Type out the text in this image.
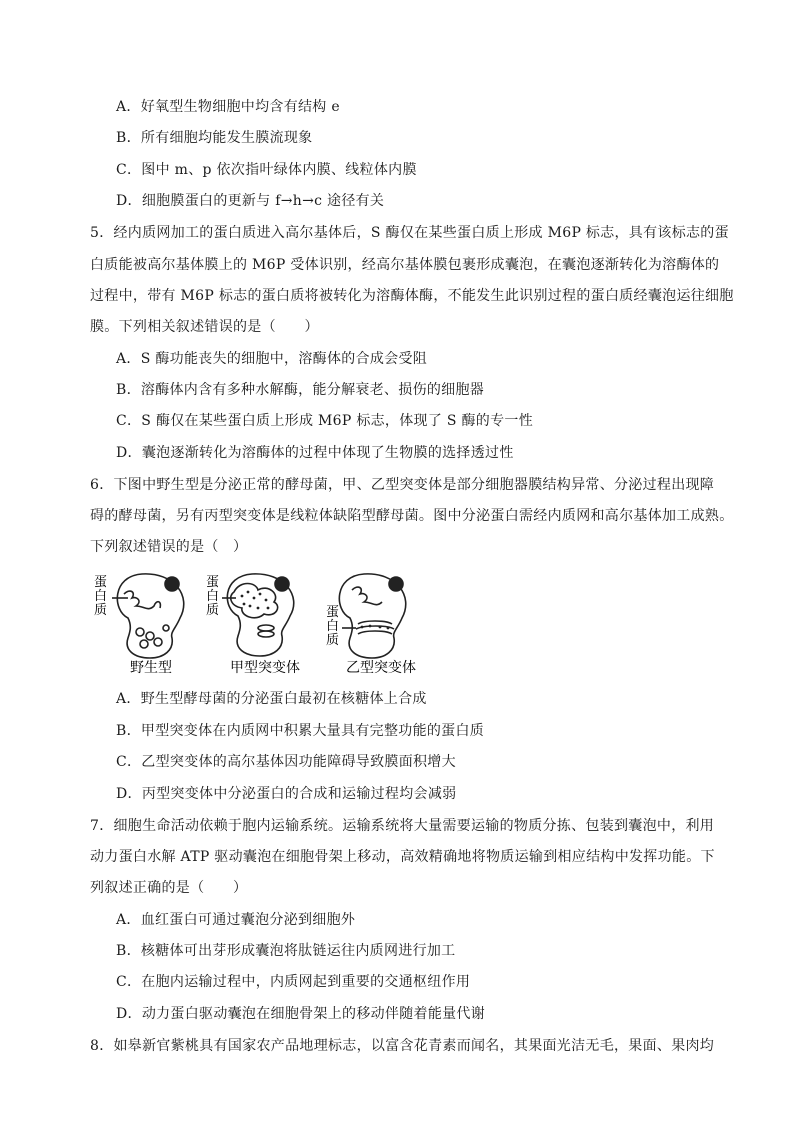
A．好氧型生物细胞中均含有结构 e
B．所有细胞均能发生膜流现象
C．图中 m、p 依次指叶绿体内膜、线粒体内膜
D．细胞膜蛋白的更新与 f→h→c 途径有关
5．经内质网加工的蛋白质进入高尔基体后，S 酶仅在某些蛋白质上形成 M6P 标志，具有该标志的蛋
白质能被高尔基体膜上的 M6P 受体识别，经高尔基体膜包裹形成囊泡，在囊泡逐渐转化为溶酶体的
过程中，带有 M6P 标志的蛋白质将被转化为溶酶体酶，不能发生此识别过程的蛋白质经囊泡运往细胞
膜。下列相关叙述错误的是（　　）
A．S 酶功能丧失的细胞中，溶酶体的合成会受阻
B．溶酶体内含有多种水解酶，能分解衰老、损伤的细胞器
C．S 酶仅在某些蛋白质上形成 M6P 标志，体现了 S 酶的专一性
D．囊泡逐渐转化为溶酶体的过程中体现了生物膜的选择透过性
6．下图中野生型是分泌正常的酵母菌，甲、乙型突变体是部分细胞器膜结构异常、分泌过程出现障
碍的酵母菌，另有丙型突变体是线粒体缺陷型酵母菌。图中分泌蛋白需经内质网和高尔基体加工成熟。
下列叙述错误的是（　）
蛋
白
质
蛋
白
质	蛋
白
质
野生型	甲型突变体	乙型突变体
A．野生型酵母菌的分泌蛋白最初在核糖体上合成
B．甲型突变体在内质网中积累大量具有完整功能的蛋白质
C．乙型突变体的高尔基体因功能障碍导致膜面积增大
D．丙型突变体中分泌蛋白的合成和运输过程均会减弱
7．细胞生命活动依赖于胞内运输系统。运输系统将大量需要运输的物质分拣、包装到囊泡中，利用
动力蛋白水解 ATP 驱动囊泡在细胞骨架上移动，高效精确地将物质运输到相应结构中发挥功能。下
列叙述正确的是（　　）
A．血红蛋白可通过囊泡分泌到细胞外
B．核糖体可出芽形成囊泡将肽链运往内质网进行加工
C．在胞内运输过程中，内质网起到重要的交通枢纽作用
D．动力蛋白驱动囊泡在细胞骨架上的移动伴随着能量代谢
8．如皋新官紫桃具有国家农产品地理标志，以富含花青素而闻名，其果面光洁无毛，果面、果肉均
